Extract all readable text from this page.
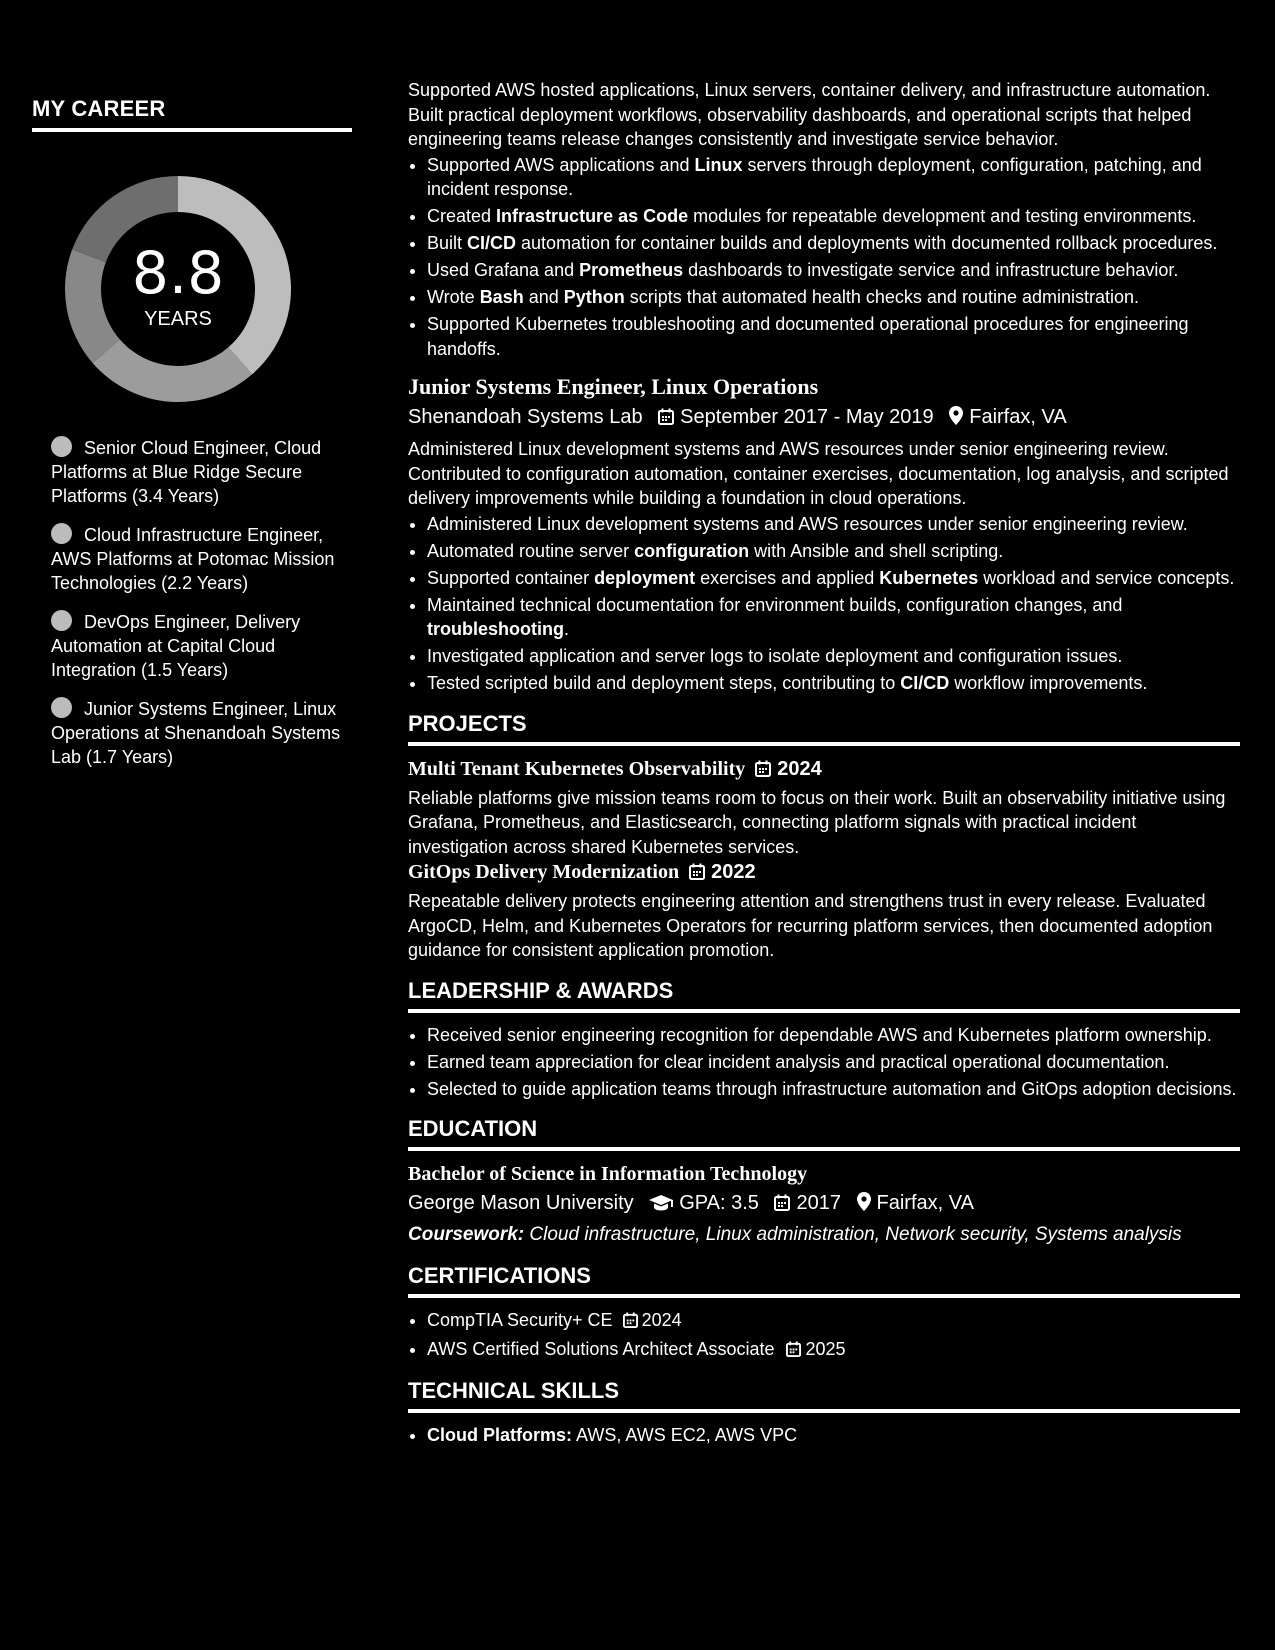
MY CAREER
8.8
YEARS
Senior Cloud Engineer, Cloud Platforms at Blue Ridge Secure Platforms (3.4 Years)
Cloud Infrastructure Engineer, AWS Platforms at Potomac Mission Technologies (2.2 Years)
DevOps Engineer, Delivery Automation at Capital Cloud Integration (1.5 Years)
Junior Systems Engineer, Linux Operations at Shenandoah Systems Lab (1.7 Years)

Supported AWS hosted applications, Linux servers, container delivery, and infrastructure automation. Built practical deployment workflows, observability dashboards, and operational scripts that helped engineering teams release changes consistently and investigate service behavior.

• Supported AWS applications and Linux servers through deployment, configuration, patching, and incident response.
• Created Infrastructure as Code modules for repeatable development and testing environments.
• Built CI/CD automation for container builds and deployments with documented rollback procedures.
• Used Grafana and Prometheus dashboards to investigate service and infrastructure behavior.
• Wrote Bash and Python scripts that automated health checks and routine administration.
• Supported Kubernetes troubleshooting and documented operational procedures for engineering handoffs.
Junior Systems Engineer, Linux Operations
Shenandoah Systems Lab September 2017 - May 2019 Fairfax, VA

Administered Linux development systems and AWS resources under senior engineering review. Contributed to configuration automation, container exercises, documentation, log analysis, and scripted delivery improvements while building a foundation in cloud operations.

• Administered Linux development systems and AWS resources under senior engineering review.
• Automated routine server configuration with Ansible and shell scripting.
• Supported container deployment exercises and applied Kubernetes workload and service concepts.
• Maintained technical documentation for environment builds, configuration changes, and troubleshooting.
• Investigated application and server logs to isolate deployment and configuration issues.
• Tested scripted build and deployment steps, contributing to CI/CD workflow improvements.
PROJECTS
Multi Tenant Kubernetes Observability 2024

Reliable platforms give mission teams room to focus on their work. Built an observability initiative using Grafana, Prometheus, and Elasticsearch, connecting platform signals with practical incident investigation across shared Kubernetes services.

GitOps Delivery Modernization 2022

Repeatable delivery protects engineering attention and strengthens trust in every release. Evaluated ArgoCD, Helm, and Kubernetes Operators for recurring platform services, then documented adoption guidance for consistent application promotion.

LEADERSHIP & AWARDS
• Received senior engineering recognition for dependable AWS and Kubernetes platform ownership.
• Earned team appreciation for clear incident analysis and practical operational documentation.
• Selected to guide application teams through infrastructure automation and GitOps adoption decisions.
EDUCATION
Bachelor of Science in Information Technology
George Mason University GPA: 3.5 2017 Fairfax, VA
Coursework: Cloud infrastructure, Linux administration, Network security, Systems analysis
CERTIFICATIONS
• CompTIA Security+ CE 2024
• AWS Certified Solutions Architect Associate 2025
TECHNICAL SKILLS
• Cloud Platforms: AWS, AWS EC2, AWS VPC
